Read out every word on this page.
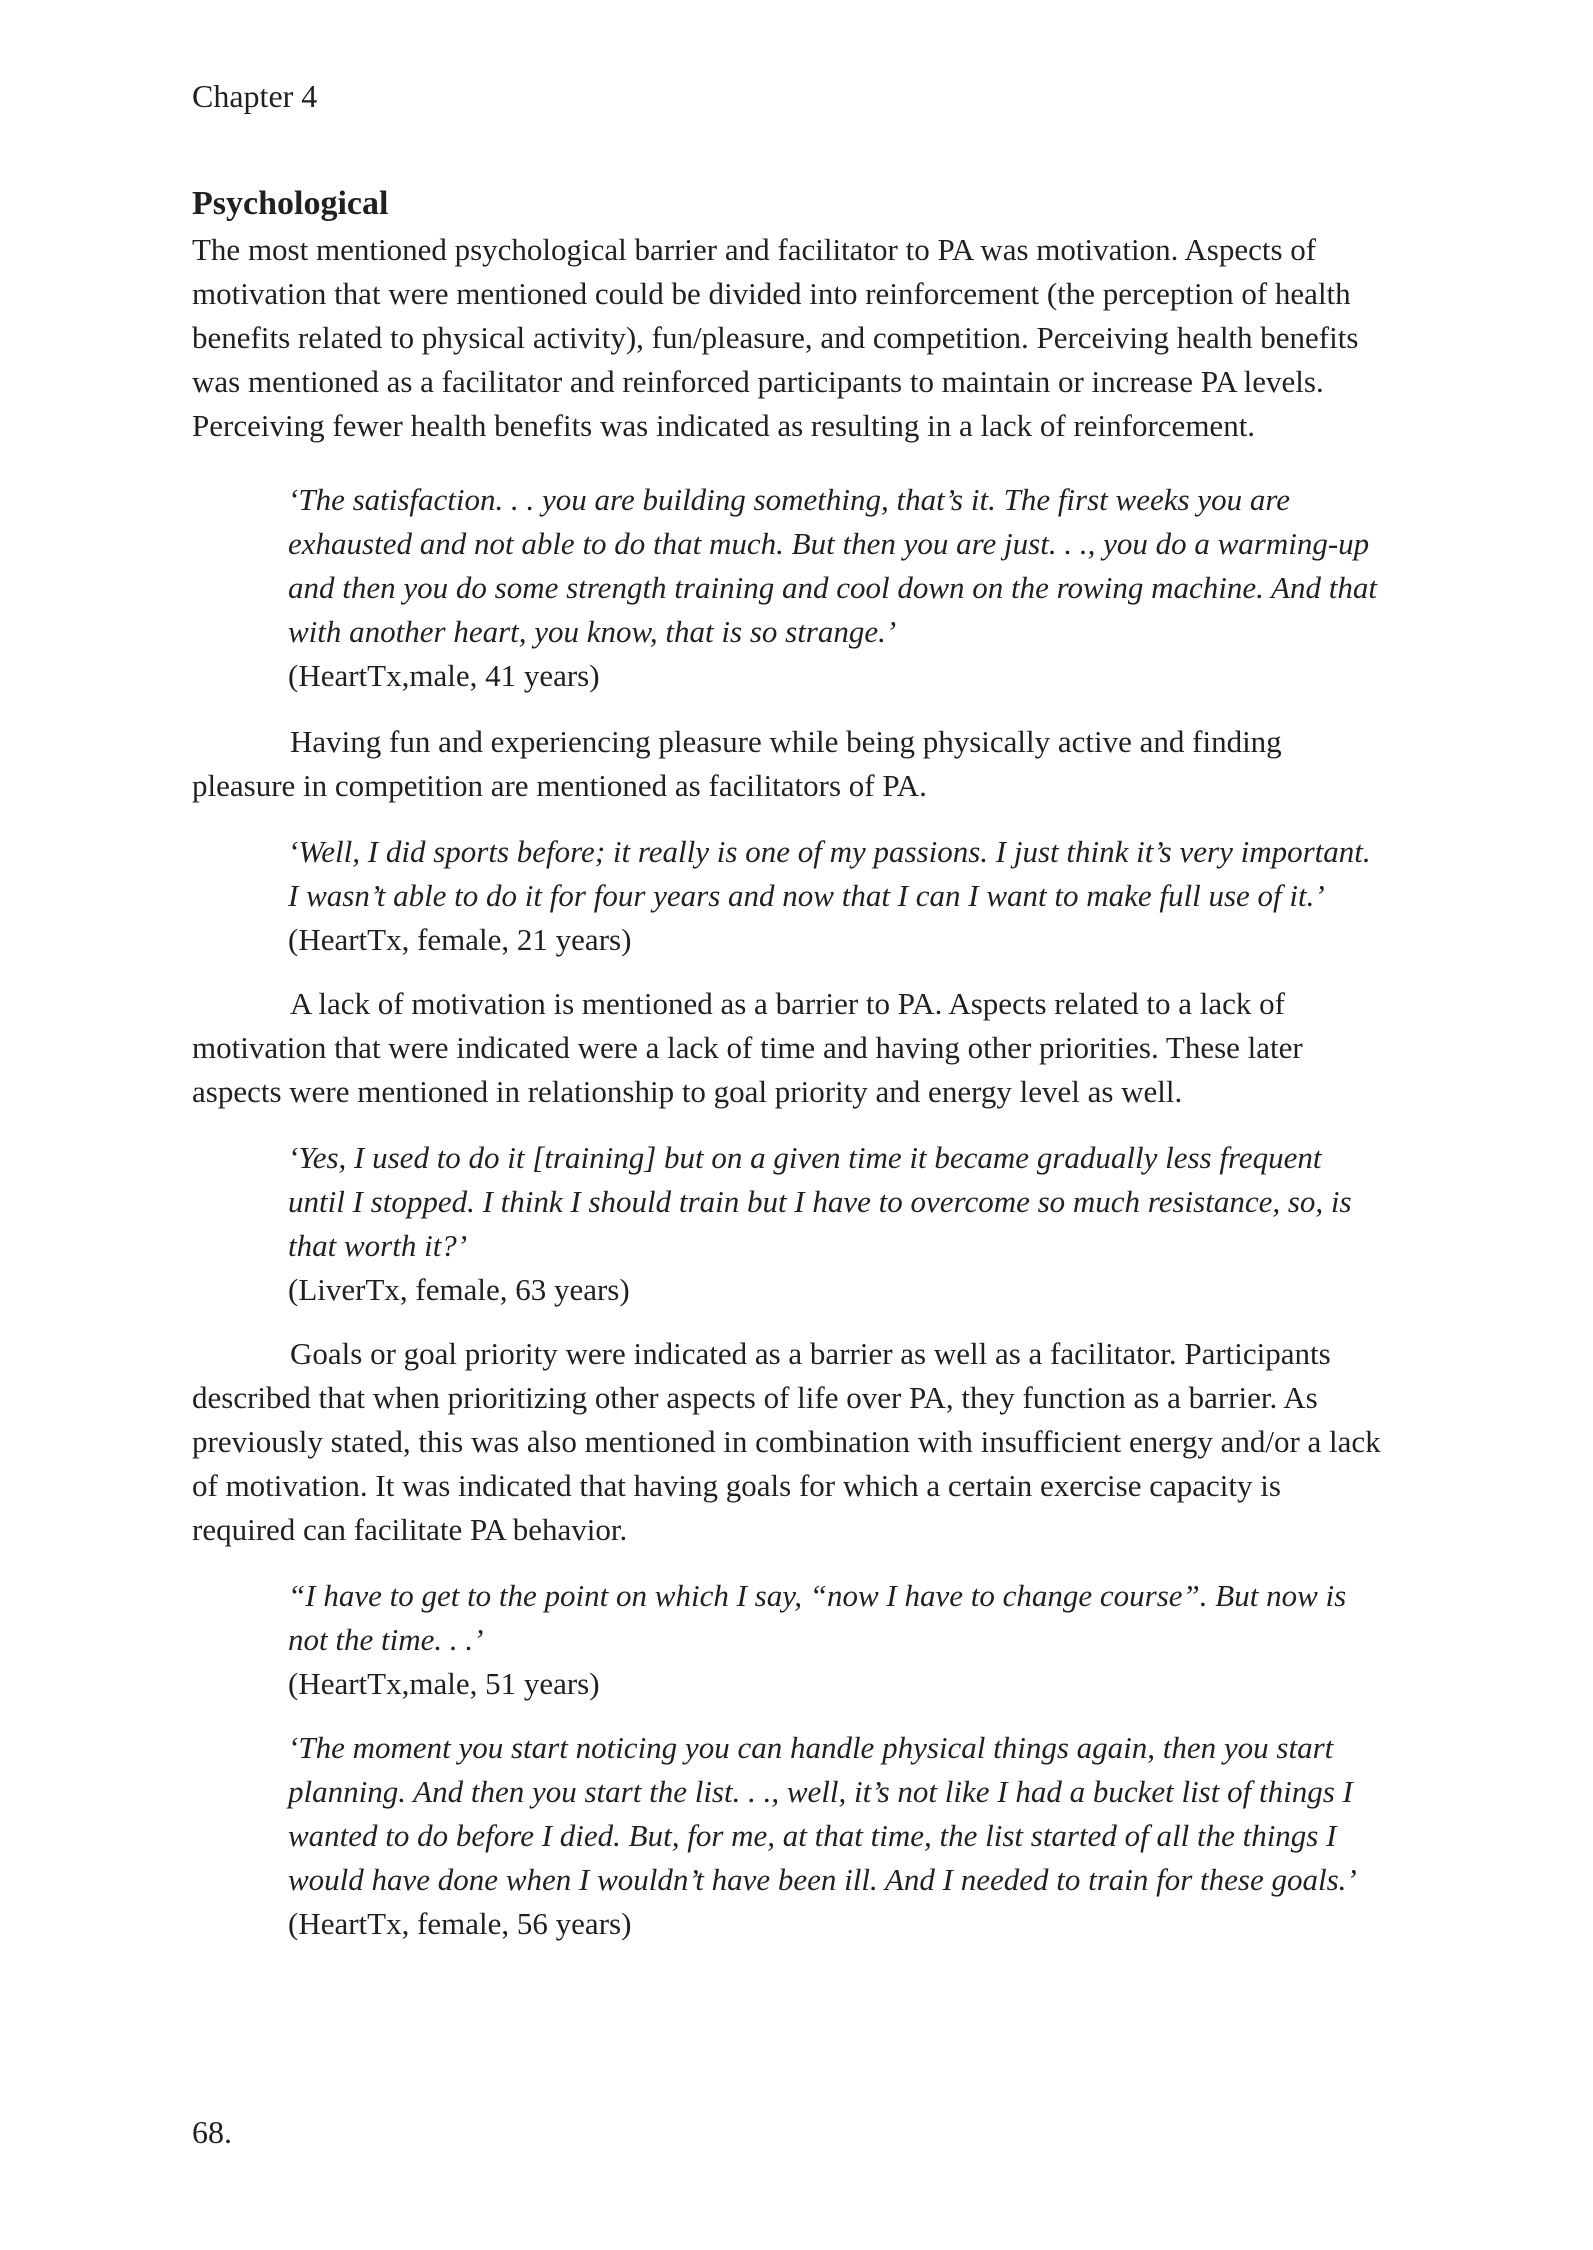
Chapter 4
Psychological

The most mentioned psychological barrier and facilitator to PA was motivation. Aspects of motivation that were mentioned could be divided into reinforcement (the perception of health benefits related to physical activity), fun/pleasure, and competition. Perceiving health benefits was mentioned as a facilitator and reinforced participants to maintain or increase PA levels. Perceiving fewer health benefits was indicated as resulting in a lack of reinforcement.

‘The satisfaction. . . you are building something, that’s it. The first weeks you are exhausted and not able to do that much. But then you are just. . ., you do a warming-up and then you do some strength training and cool down on the rowing machine. And that with another heart, you know, that is so strange.’
(HeartTx,male, 41 years)

Having fun and experiencing pleasure while being physically active and finding pleasure in competition are mentioned as facilitators of PA.

‘Well, I did sports before; it really is one of my passions. I just think it’s very important. I wasn’t able to do it for four years and now that I can I want to make full use of it.’
(HeartTx, female, 21 years)

A lack of motivation is mentioned as a barrier to PA. Aspects related to a lack of motivation that were indicated were a lack of time and having other priorities. These later aspects were mentioned in relationship to goal priority and energy level as well.

‘Yes, I used to do it [training] but on a given time it became gradually less frequent until I stopped. I think I should train but I have to overcome so much resistance, so, is that worth it?’
(LiverTx, female, 63 years)

Goals or goal priority were indicated as a barrier as well as a facilitator. Participants described that when prioritizing other aspects of life over PA, they function as a barrier. As previously stated, this was also mentioned in combination with insufficient energy and/or a lack of motivation. It was indicated that having goals for which a certain exercise capacity is required can facilitate PA behavior.

“I have to get to the point on which I say, “now I have to change course”. But now is not the time. . .’
(HeartTx,male, 51 years)
‘The moment you start noticing you can handle physical things again, then you start planning. And then you start the list. . ., well, it’s not like I had a bucket list of things I wanted to do before I died. But, for me, at that time, the list started of all the things I would have done when I wouldn’t have been ill. And I needed to train for these goals.’
(HeartTx, female, 56 years)
68.
